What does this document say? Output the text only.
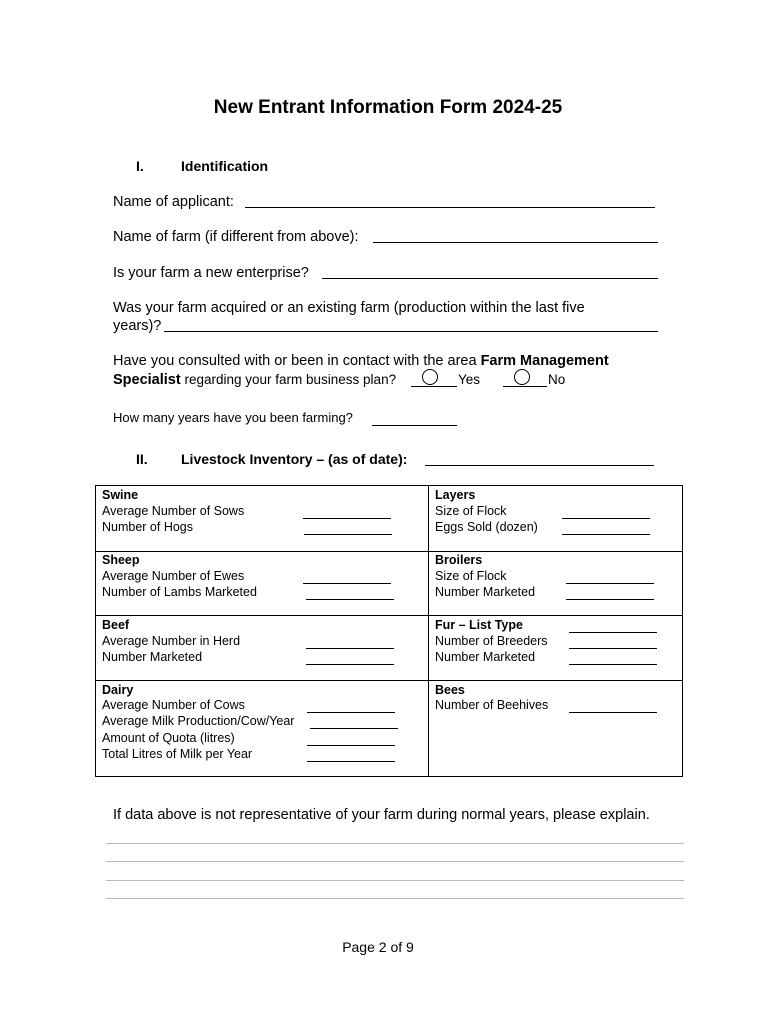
New Entrant Information Form 2024-25
I.	Identification
Name of applicant:
Name of farm (if different from above):
Is your farm a new enterprise?
Was your farm acquired or an existing farm (production within the last five
years)?
Have you consulted with or been in contact with the area Farm Management
Specialist regarding your farm business plan?	Yes	No
How many years have you been farming?
II. Livestock Inventory – (as of date):
Swine
Average Number of Sows
Number of Hogs
Layers
Size of Flock
Eggs Sold (dozen)
Sheep
Average Number of Ewes
Number of Lambs Marketed
Broilers
Size of Flock
Number Marketed
Beef
Average Number in Herd
Number Marketed
Fur – List Type
Number of Breeders
Number Marketed
Dairy
Average Number of Cows
Average Milk Production/Cow/Year
Amount of Quota (litres)
Total Litres of Milk per Year
Bees
Number of Beehives
If data above is not representative of your farm during normal years, please explain.
Page 2 of 9
